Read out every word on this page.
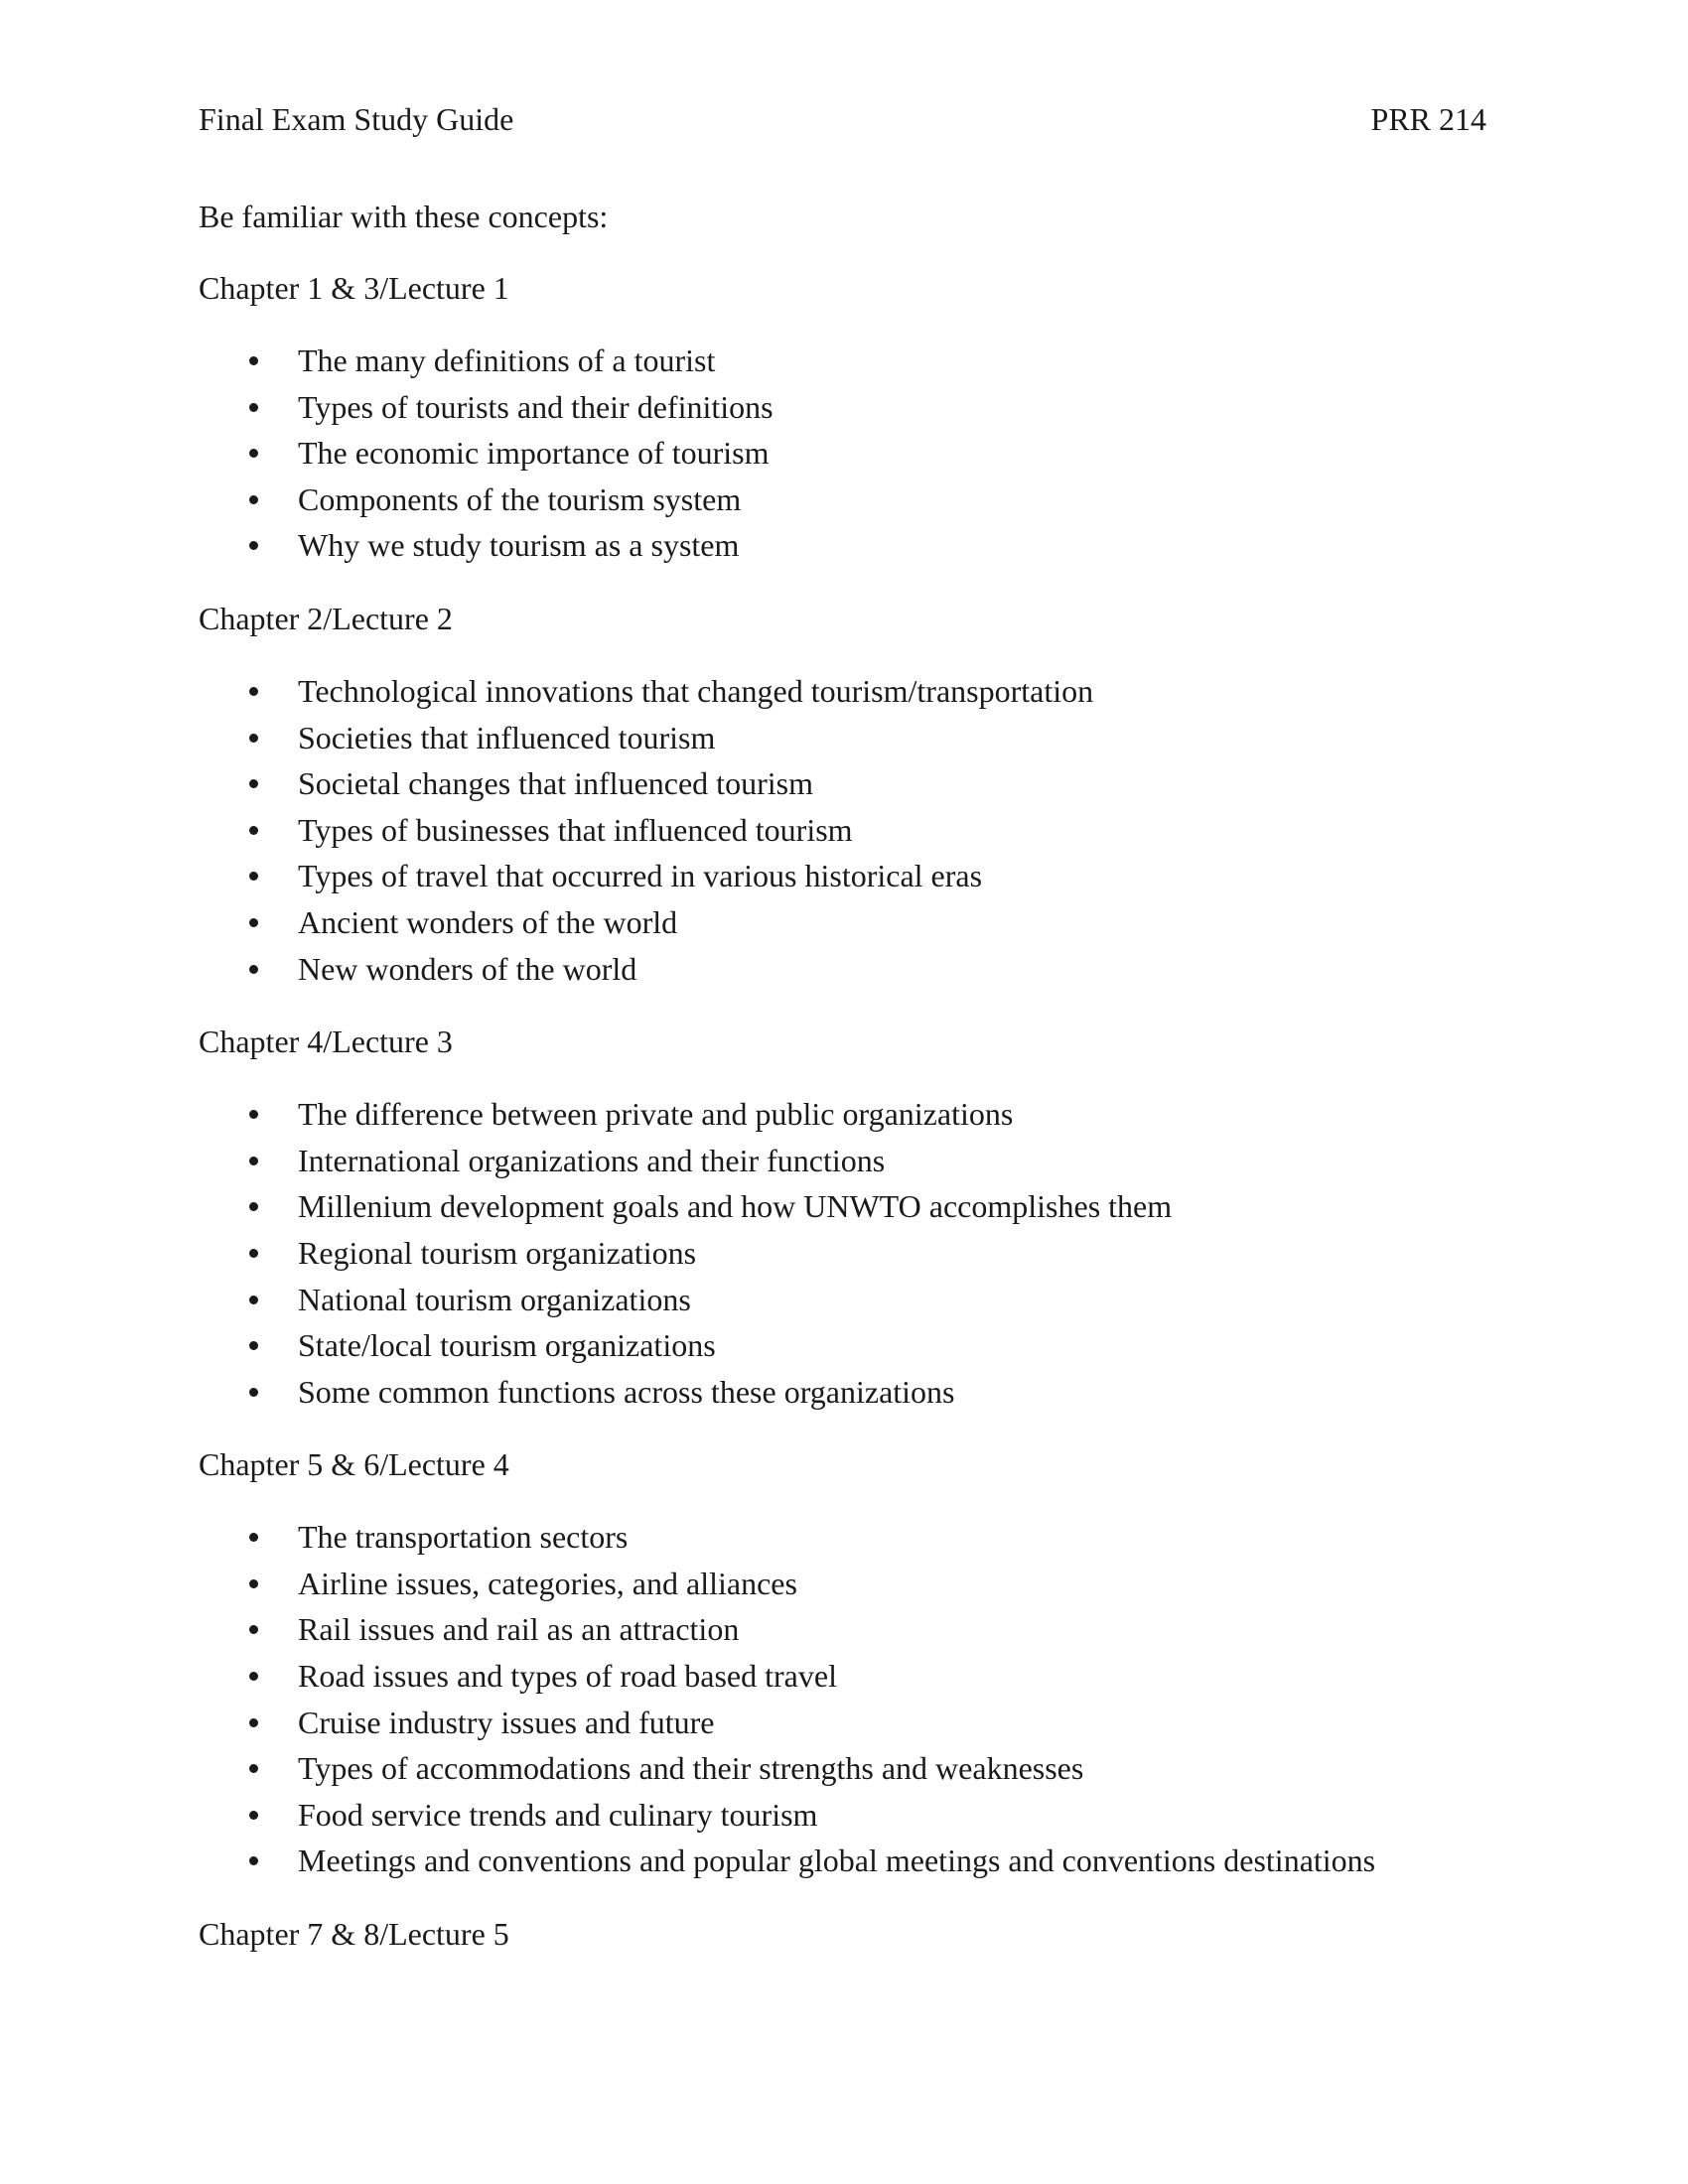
Final Exam Study Guide	PRR 214

Be familiar with these concepts:

Chapter 1 & 3/Lecture 1

The many definitions of a tourist
Types of tourists and their definitions
The economic importance of tourism
Components of the tourism system
Why we study tourism as a system

Chapter 2/Lecture 2

Technological innovations that changed tourism/transportation
Societies that influenced tourism
Societal changes that influenced tourism
Types of businesses that influenced tourism
Types of travel that occurred in various historical eras
Ancient wonders of the world
New wonders of the world

Chapter 4/Lecture 3

The difference between private and public organizations
International organizations and their functions
Millenium development goals and how UNWTO accomplishes them
Regional tourism organizations
National tourism organizations
State/local tourism organizations
Some common functions across these organizations

Chapter 5 & 6/Lecture 4

The transportation sectors
Airline issues, categories, and alliances
Rail issues and rail as an attraction
Road issues and types of road based travel
Cruise industry issues and future
Types of accommodations and their strengths and weaknesses
Food service trends and culinary tourism
Meetings and conventions and popular global meetings and conventions destinations

Chapter 7 & 8/Lecture 5
